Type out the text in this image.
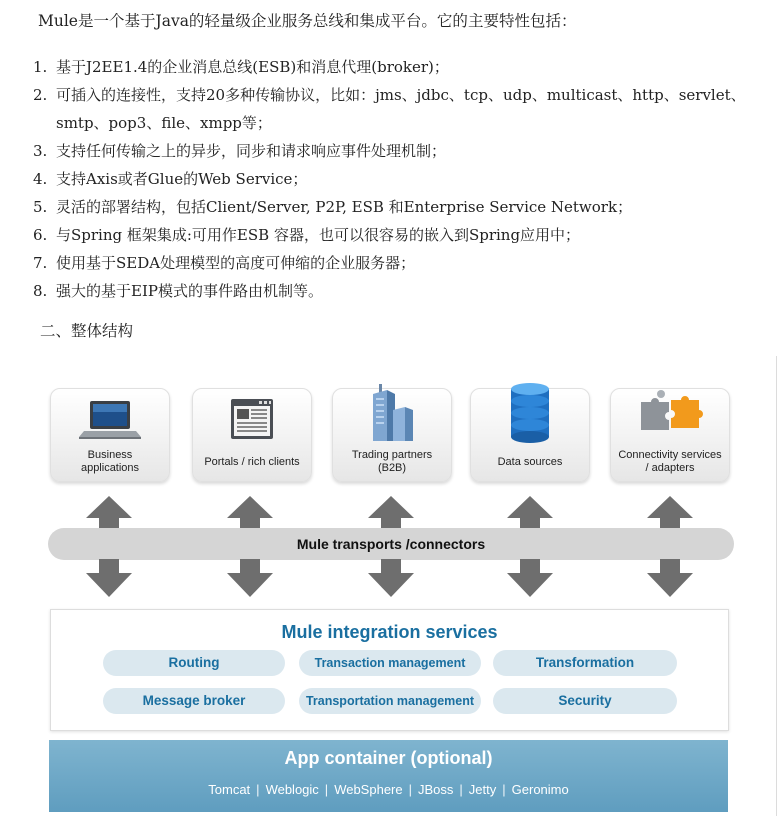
Mule是一个基于Java的轻量级企业服务总线和集成平台。它的主要特性包括：
1. 基于J2EE1.4的企业消息总线(ESB)和消息代理(broker)；
2. 可插入的连接性，支持20多种传输协议，比如：jms、jdbc、tcp、udp、multicast、http、servlet、
smtp、pop3、file、xmpp等；
3. 支持任何传输之上的异步，同步和请求响应事件处理机制；
4. 支持Axis或者Glue的Web Service；
5. 灵活的部署结构，包括Client/Server, P2P, ESB 和Enterprise Service Network；
6. 与Spring 框架集成:可用作ESB 容器，也可以很容易的嵌入到Spring应用中；
7. 使用基于SEDA处理模型的高度可伸缩的企业服务器；
8. 强大的基于EIP模式的事件路由机制等。
二、整体结构
Business
applications	Portals / rich clients
Trading partners
(B2B)	Data sources
Connectivity services
/ adapters
Mule transports /connectors
Mule integration services
Routing	Transaction management	Transformation
Message broker	Transportation management	Security
App container (optional)
Tomcat | Weblogic | WebSphere | JBoss | Jetty | Geronimo
